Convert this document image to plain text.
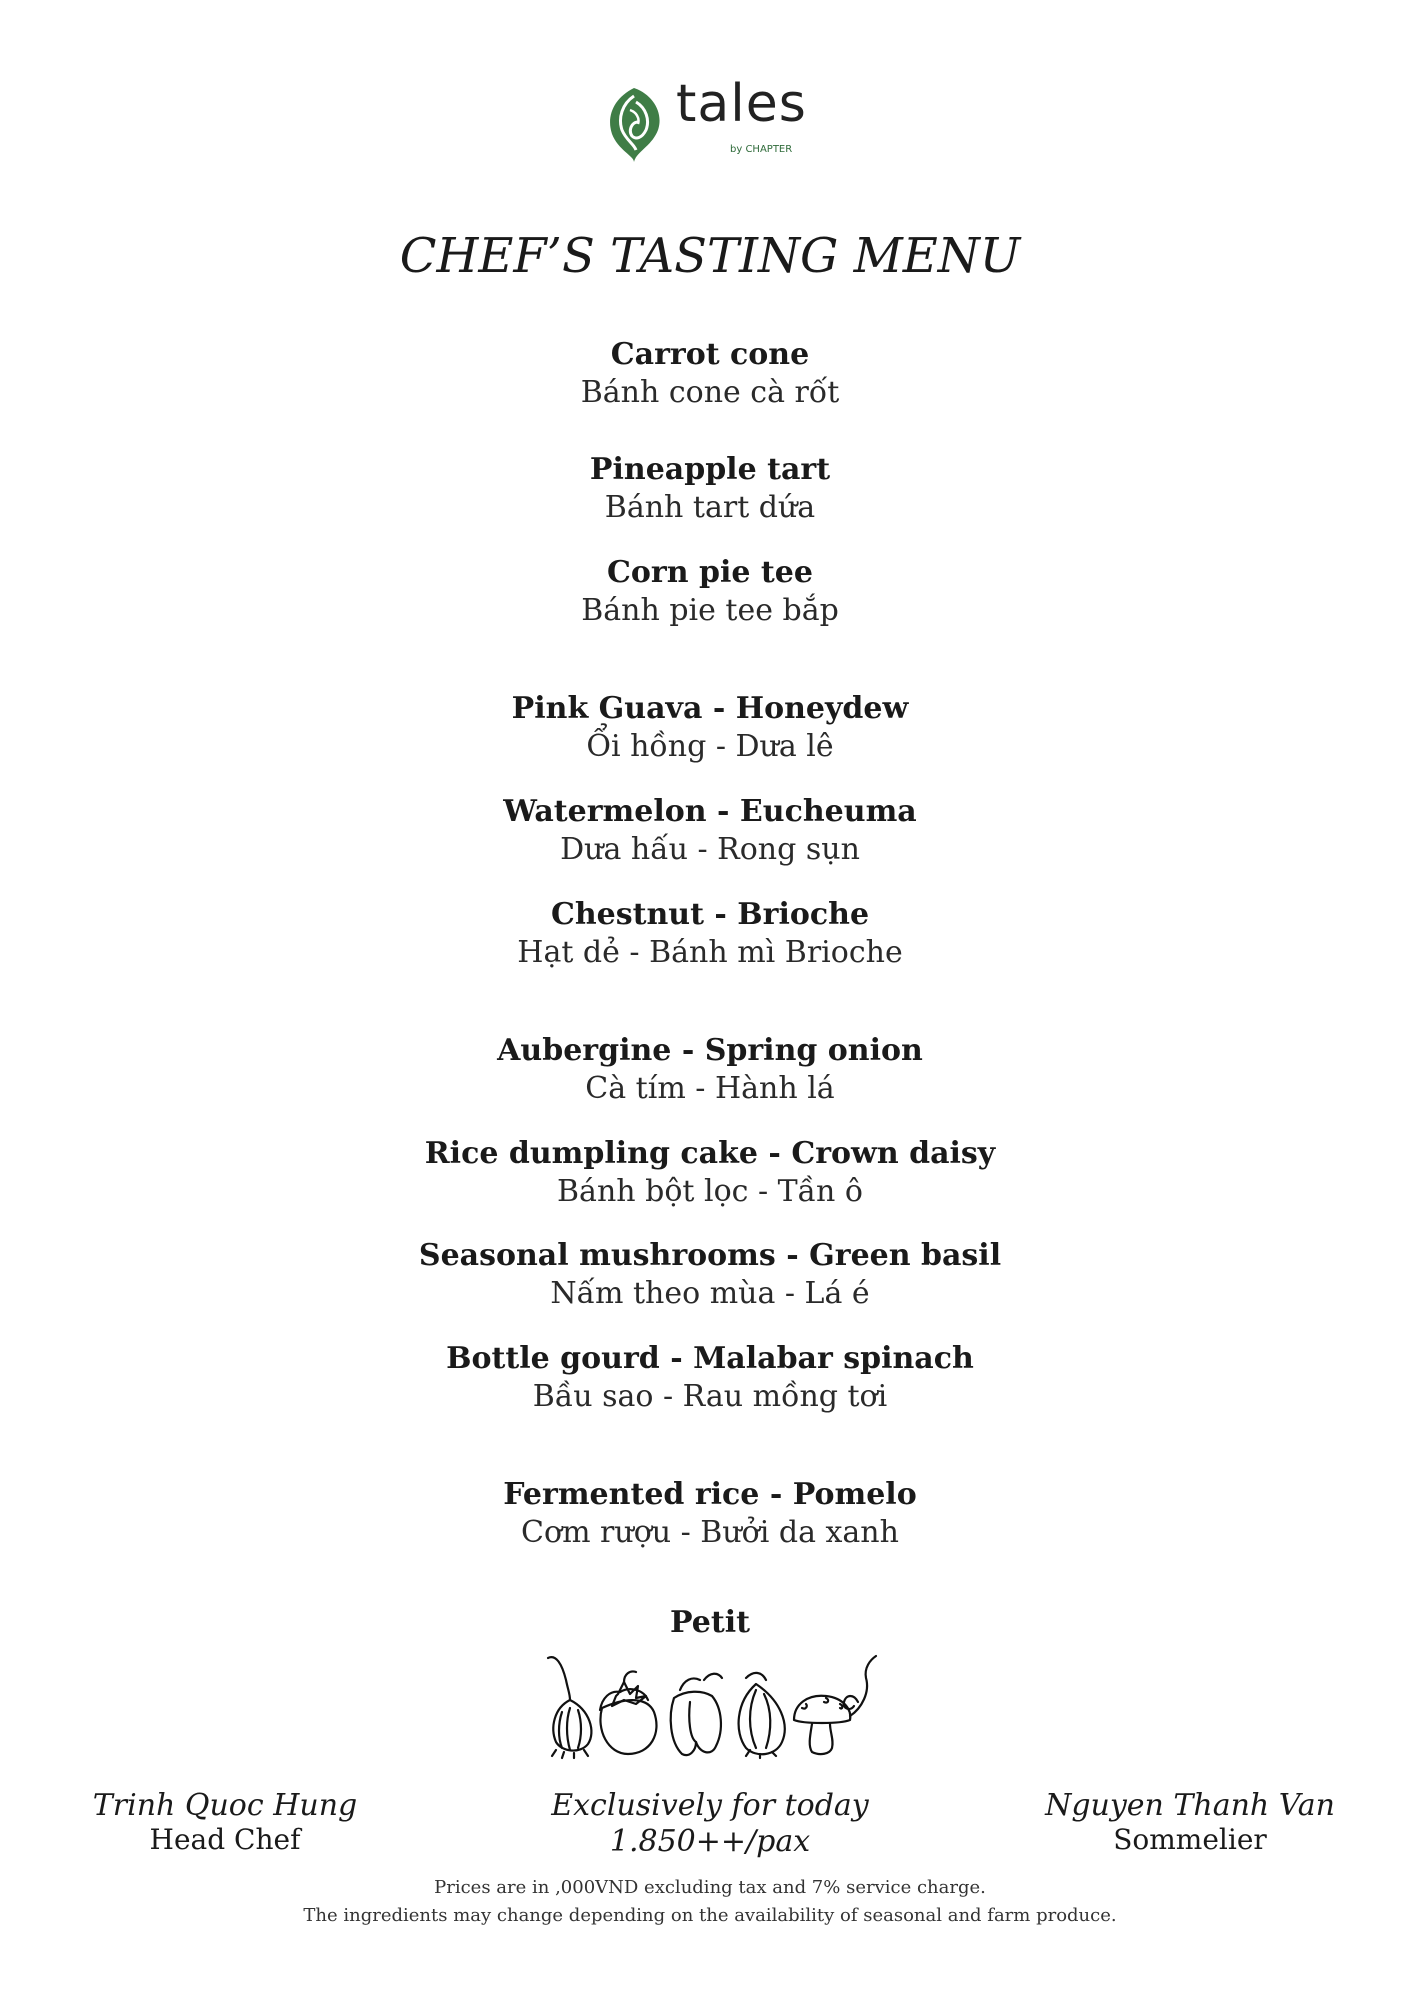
tales
by CHAPTER
CHEF’S TASTING MENU
Carrot cone
Bánh cone cà rốt
Pineapple tart
Bánh tart dứa
Corn pie tee
Bánh pie tee bắp
Pink Guava - Honeydew
Ổi hồng - Dưa lê
Watermelon - Eucheuma
Dưa hấu - Rong sụn
Chestnut - Brioche
Hạt dẻ - Bánh mì Brioche
Aubergine - Spring onion
Cà tím - Hành lá
Rice dumpling cake - Crown daisy
Bánh bột lọc - Tần ô
Seasonal mushrooms - Green basil
Nấm theo mùa - Lá é
Bottle gourd - Malabar spinach
Bầu sao - Rau mồng tơi
Fermented rice - Pomelo
Cơm rượu - Bưởi da xanh
Petit
Trinh Quoc Hung
Head Chef
Exclusively for today
1.850++/pax
Nguyen Thanh Van
Sommelier
Prices are in ,000VND excluding tax and 7% service charge.
The ingredients may change depending on the availability of seasonal and farm produce.
